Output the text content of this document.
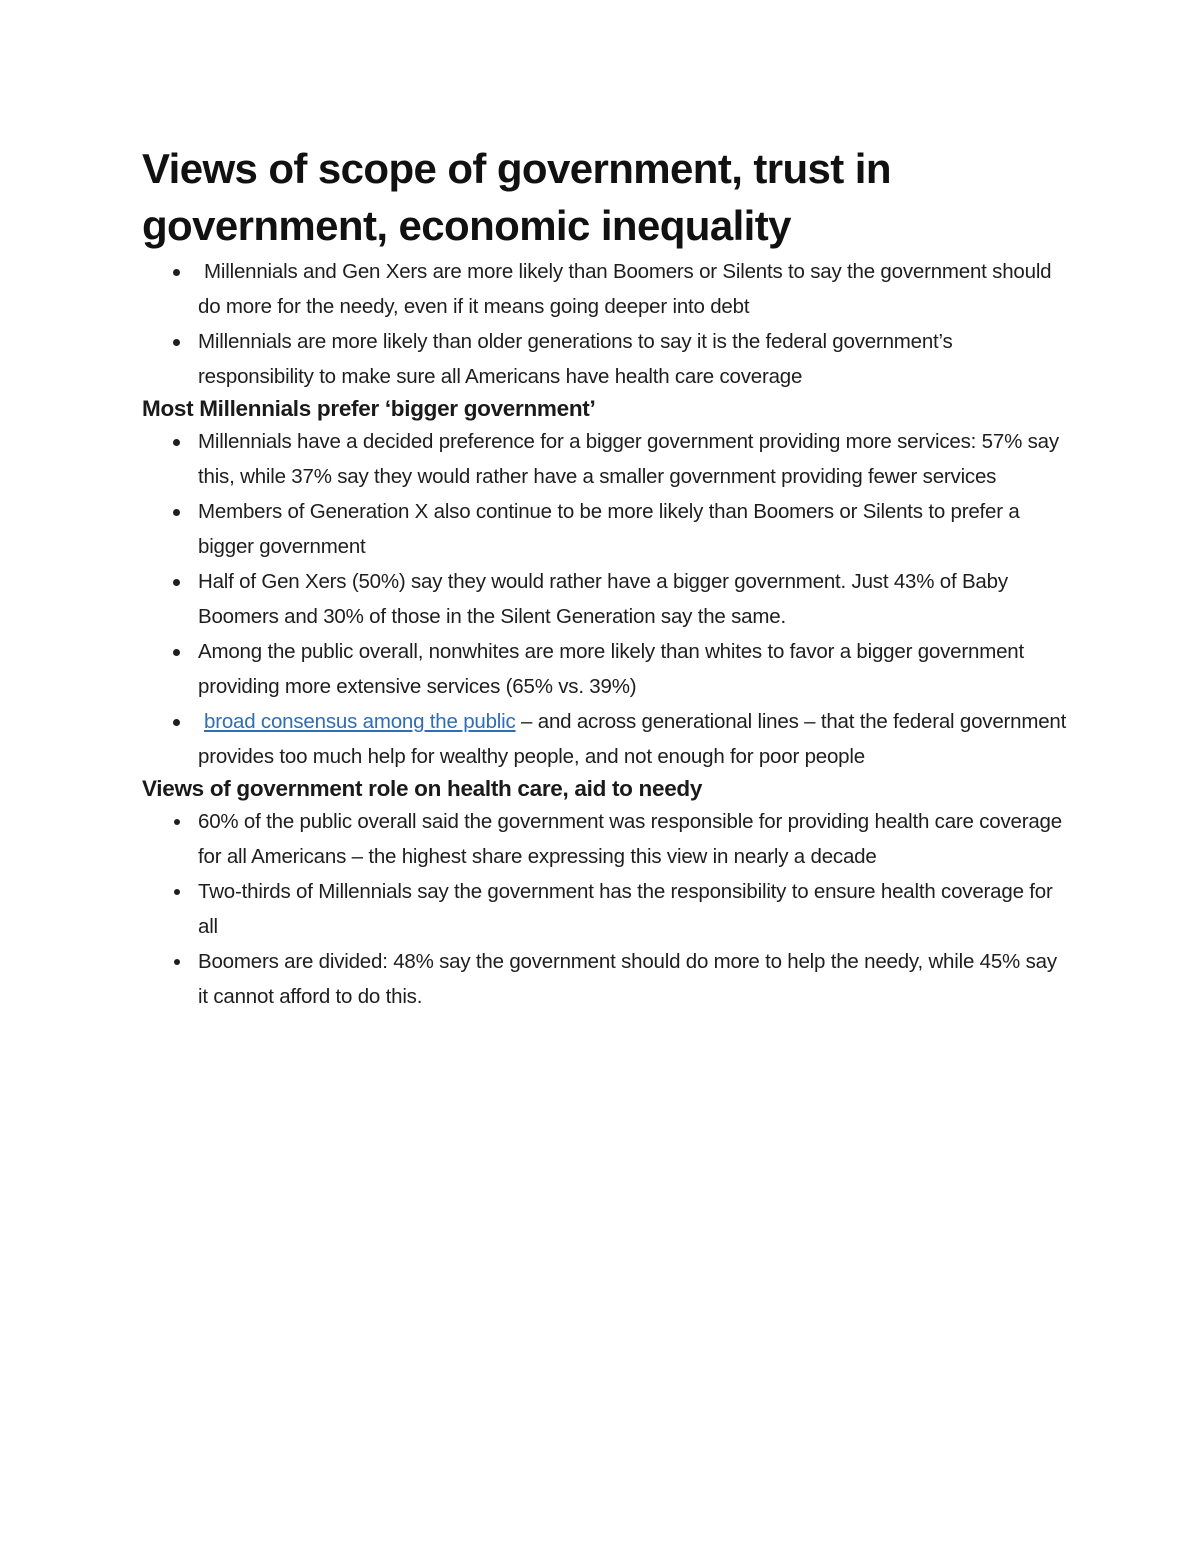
Views of scope of government, trust in government, economic inequality
Millennials and Gen Xers are more likely than Boomers or Silents to say the government should do more for the needy, even if it means going deeper into debt
Millennials are more likely than older generations to say it is the federal government’s responsibility to make sure all Americans have health care coverage
Most Millennials prefer ‘bigger government’
Millennials have a decided preference for a bigger government providing more services: 57% say this, while 37% say they would rather have a smaller government providing fewer services
Members of Generation X also continue to be more likely than Boomers or Silents to prefer a bigger government
Half of Gen Xers (50%) say they would rather have a bigger government. Just 43% of Baby Boomers and 30% of those in the Silent Generation say the same.
Among the public overall, nonwhites are more likely than whites to favor a bigger government providing more extensive services (65% vs. 39%)
broad consensus among the public – and across generational lines – that the federal government provides too much help for wealthy people, and not enough for poor people
Views of government role on health care, aid to needy
60% of the public overall said the government was responsible for providing health care coverage for all Americans – the highest share expressing this view in nearly a decade
Two-thirds of Millennials say the government has the responsibility to ensure health coverage for all
Boomers are divided: 48% say the government should do more to help the needy, while 45% say it cannot afford to do this.
